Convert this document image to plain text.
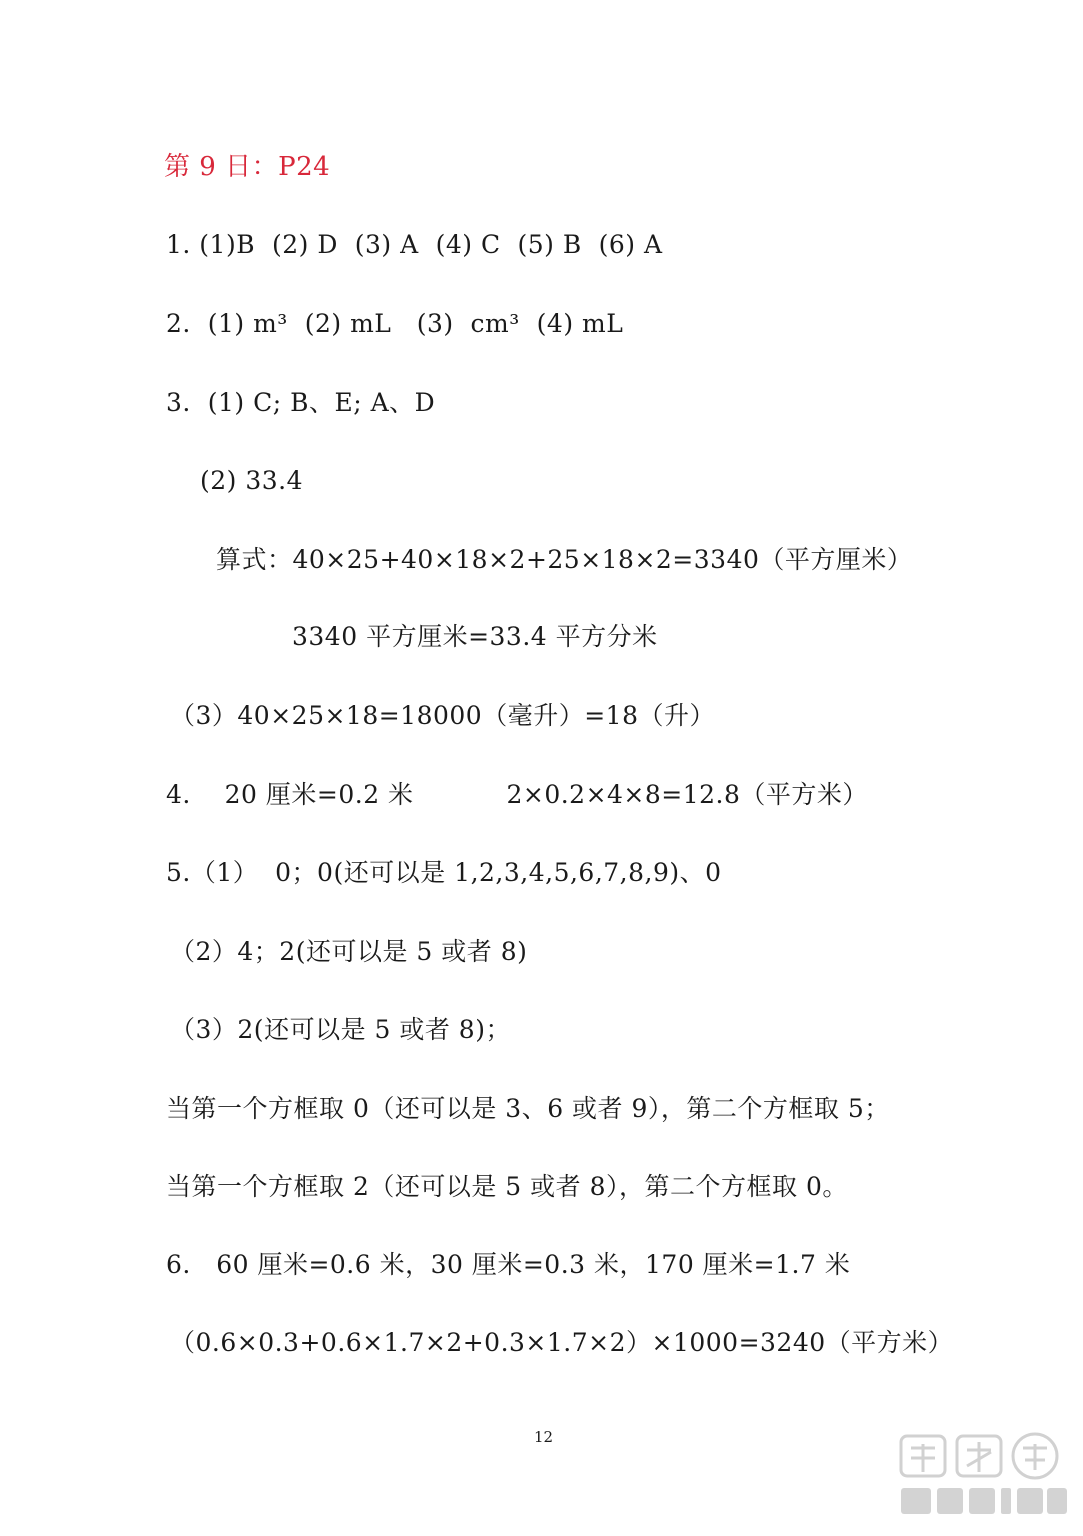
第 9 日：P24
1. (1)B  (2) D  (3) A  (4) C  (5) B  (6) A
2.  (1) m³  (2) mL   (3)  cm³  (4) mL
3.  (1) C; B、E; A、D
(2) 33.4
算式：40×25+40×18×2+25×18×2=3340（平方厘米）
3340 平方厘米=33.4 平方分米
（3）40×25×18=18000（毫升）=18（升）
4.    20 厘米=0.2 米           2×0.2×4×8=12.8（平方米）
5.（1）  0；0(还可以是 1,2,3,4,5,6,7,8,9)、0
（2）4；2(还可以是 5 或者 8)
（3）2(还可以是 5 或者 8)；
当第一个方框取 0（还可以是 3、6 或者 9），第二个方框取 5；
当第一个方框取 2（还可以是 5 或者 8），第二个方框取 0。
6.   60 厘米=0.6 米，30 厘米=0.3 米，170 厘米=1.7 米
（0.6×0.3+0.6×1.7×2+0.3×1.7×2）×1000=3240（平方米）
12
